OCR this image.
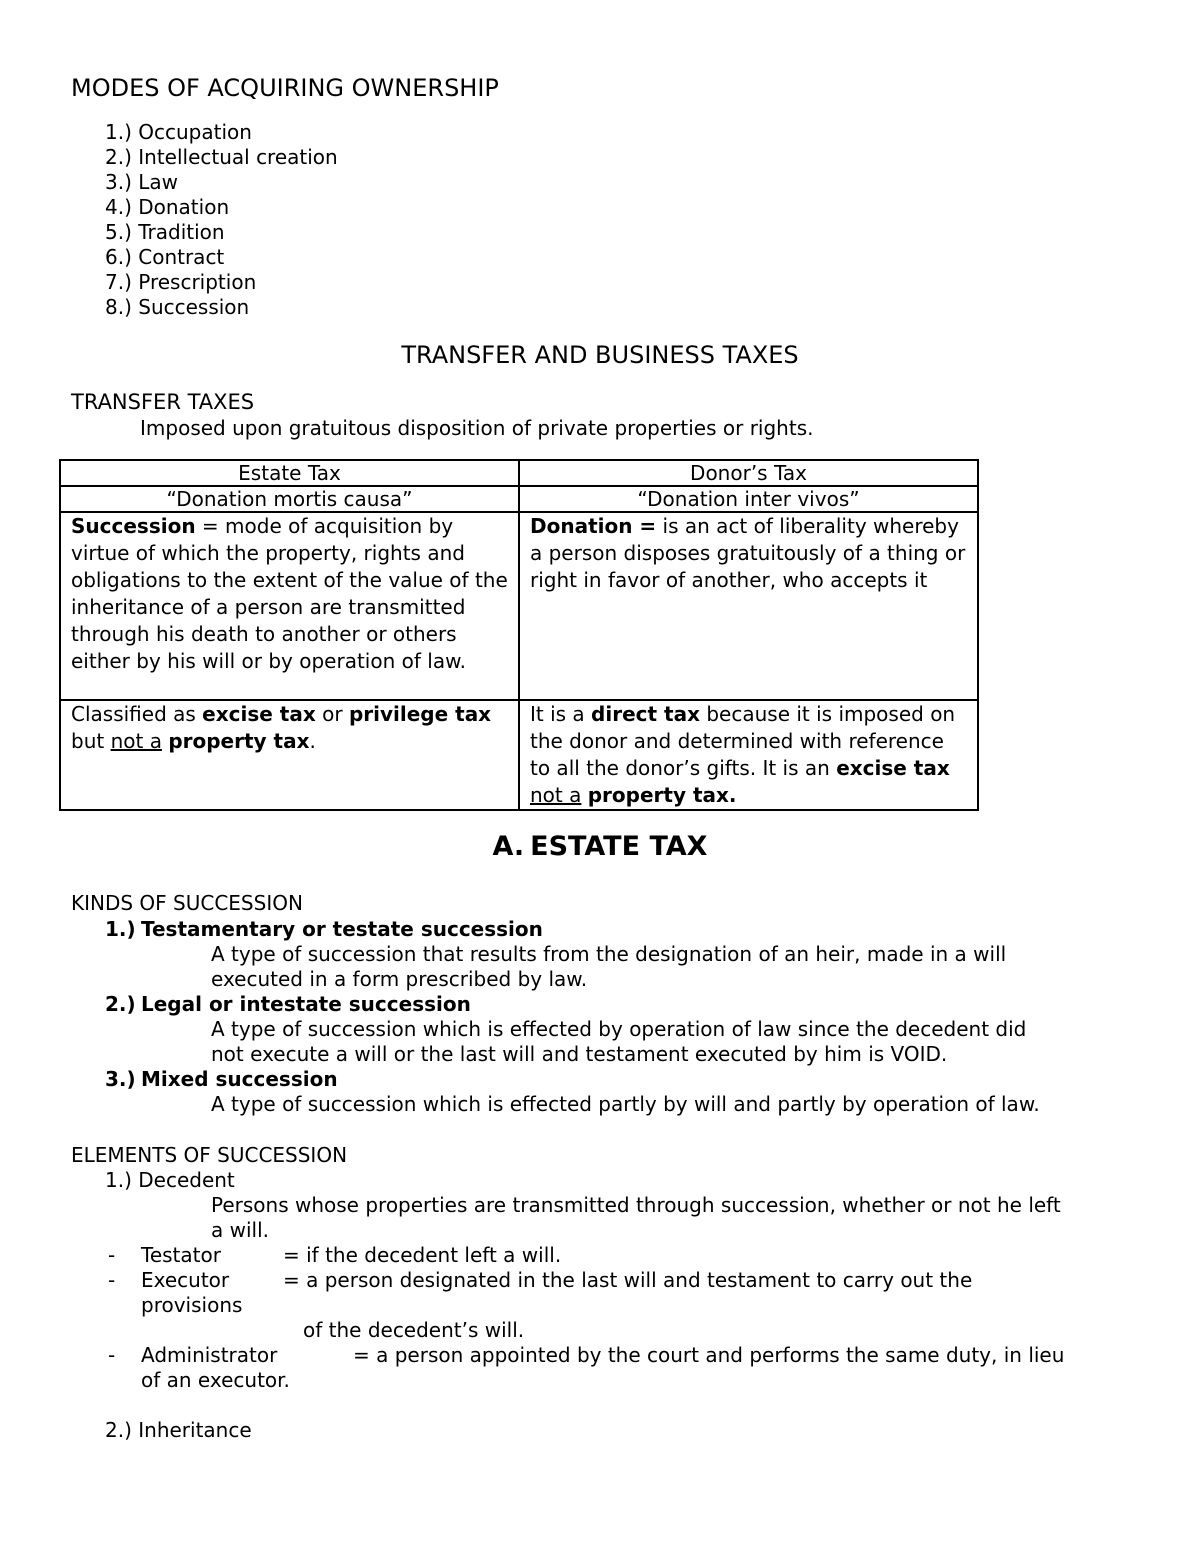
MODES OF ACQUIRING OWNERSHIP
1.) Occupation
2.) Intellectual creation
3.) Law
4.) Donation
5.) Tradition
6.) Contract
7.) Prescription
8.) Succession
TRANSFER AND BUSINESS TAXES
TRANSFER TAXES
Imposed upon gratuitous disposition of private properties or rights.
Estate Tax	Donor’s Tax
“Donation mortis causa”	“Donation inter vivos”
Succession = mode of acquisition by virtue of which the property, rights and obligations to the extent of the value of the inheritance of a person are transmitted through his death to another or others either by his will or by operation of law.	Donation = is an act of liberality whereby a person disposes gratuitously of a thing or right in favor of another, who accepts it
Classified as excise tax or privilege tax but not a property tax.	It is a direct tax because it is imposed on the donor and determined with reference to all the donor’s gifts. It is an excise tax not a property tax.
A. ESTATE TAX
KINDS OF SUCCESSION
1.) Testamentary or testate succession
A type of succession that results from the designation of an heir, made in a will
executed in a form prescribed by law.
2.) Legal or intestate succession
A type of succession which is effected by operation of law since the decedent did
not execute a will or the last will and testament executed by him is VOID.
3.) Mixed succession
A type of succession which is effected partly by will and partly by operation of law.
ELEMENTS OF SUCCESSION
1.) Decedent
Persons whose properties are transmitted through succession, whether or not he left
a will.
- Testator	= if the decedent left a will.
- Executor	= a person designated in the last will and testament to carry out the
provisions
of the decedent’s will.
- Administrator	= a person appointed by the court and performs the same duty, in lieu
of an executor.
2.) Inheritance
